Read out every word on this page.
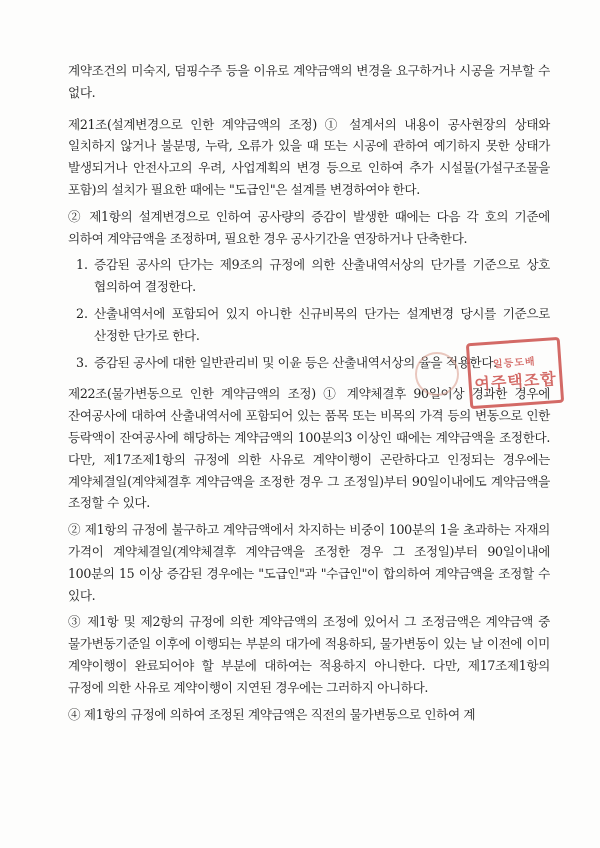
계약조건의 미숙지, 덤핑수주 등을 이유로 계약금액의 변경을 요구하거나 시공을 거부할 수 없다.

제21조(설계변경으로 인한 계약금액의 조정) ① 설계서의 내용이 공사현장의 상태와 일치하지 않거나 불분명, 누락, 오류가 있을 때 또는 시공에 관하여 예기하지 못한 상태가 발생되거나 안전사고의 우려, 사업계획의 변경 등으로 인하여 추가 시설물(가설구조물을 포함)의 설치가 필요한 때에는 "도급인"은 설계를 변경하여야 한다.

② 제1항의 설계변경으로 인하여 공사량의 증감이 발생한 때에는 다음 각 호의 기준에 의하여 계약금액을 조정하며, 필요한 경우 공사기간을 연장하거나 단축한다.

1. 증감된 공사의 단가는 제9조의 규정에 의한 산출내역서상의 단가를 기준으로 상호 협의하여 결정한다.

2. 산출내역서에 포함되어 있지 아니한 신규비목의 단가는 설계변경 당시를 기준으로 산정한 단가로 한다.

3. 증감된 공사에 대한 일반관리비 및 이윤 등은 산출내역서상의 율을 적용한다.

제22조(물가변동으로 인한 계약금액의 조정) ① 계약체결후 90일이상 경과한 경우에 잔여공사에 대하여 산출내역서에 포함되어 있는 품목 또는 비목의 가격 등의 변동으로 인한 등락액이 잔여공사에 해당하는 계약금액의 100분의3 이상인 때에는 계약금액을 조정한다. 다만, 제17조제1항의 규정에 의한 사유로 계약이행이 곤란하다고 인정되는 경우에는 계약체결일(계약체결후 계약금액을 조정한 경우 그 조정일)부터 90일이내에도 계약금액을 조정할 수 있다.

② 제1항의 규정에 불구하고 계약금액에서 차지하는 비중이 100분의 1을 초과하는 자재의 가격이 계약체결일(계약체결후 계약금액을 조정한 경우 그 조정일)부터 90일이내에 100분의 15 이상 증감된 경우에는 "도급인"과 "수급인"이 합의하여 계약금액을 조정할 수 있다.

③ 제1항 및 제2항의 규정에 의한 계약금액의 조정에 있어서 그 조정금액은 계약금액 중 물가변동기준일 이후에 이행되는 부분의 대가에 적용하되, 물가변동이 있는 날 이전에 이미 계약이행이 완료되어야 할 부분에 대하여는 적용하지 아니한다. 다만, 제17조제1항의 규정에 의한 사유로 계약이행이 지연된 경우에는 그러하지 아니하다.

④ 제1항의 규정에 의하여 조정된 계약금액은 직전의 물가변동으로 인하여 계

일등도배
여주택조합
